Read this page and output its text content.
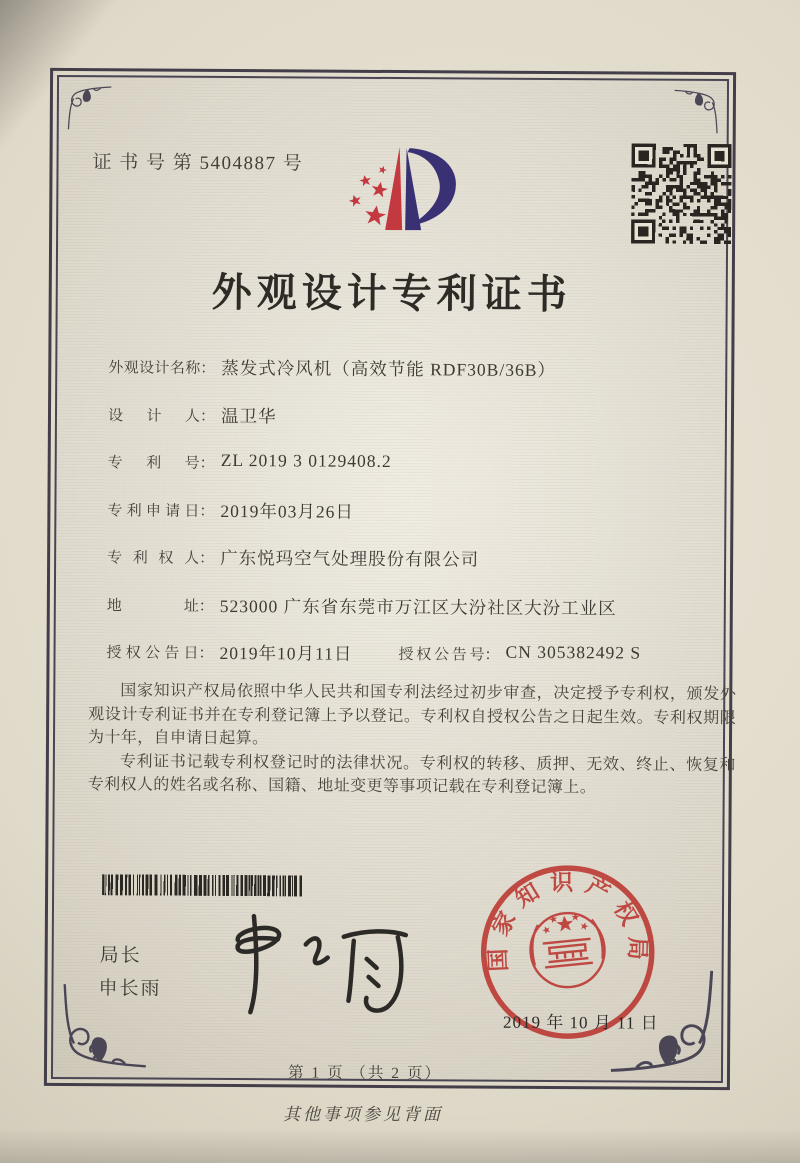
证 书 号 第 5404887 号
外观设计专利证书
外 观 设 计 名 称 ： 蒸发式冷风机（高效节能 RDF30B/36B）
设 计 人 ： 温卫华
专 利 号 ： ZL 2019 3 0129408.2
专 利 申 请 日 ： 2019年03月26日
专 利 权 人 ： 广东悦玛空气处理股份有限公司
地	址 ： 523000 广东省东莞市万江区大汾社区大汾工业区
授 权 公 告 日 ： 2019年10月11日	授 权 公 告 号 ： CN 305382492 S

国家知识产权局依照中华人民共和国专利法经过初步审查，决定授予专利权，颁发外观设计专利证书并在专利登记簿上予以登记。专利权自授权公告之日起生效。专利权期限为十年，自申请日起算。

专利证书记载专利权登记时的法律状况。专利权的转移、质押、无效、终止、恢复和专利权人的姓名或名称、国籍、地址变更等事项记载在专利登记簿上。

局长
申长雨
国家知识产权局
2019 年 10 月 11 日
第 1 页 （共 2 页）
其他事项参见背面
